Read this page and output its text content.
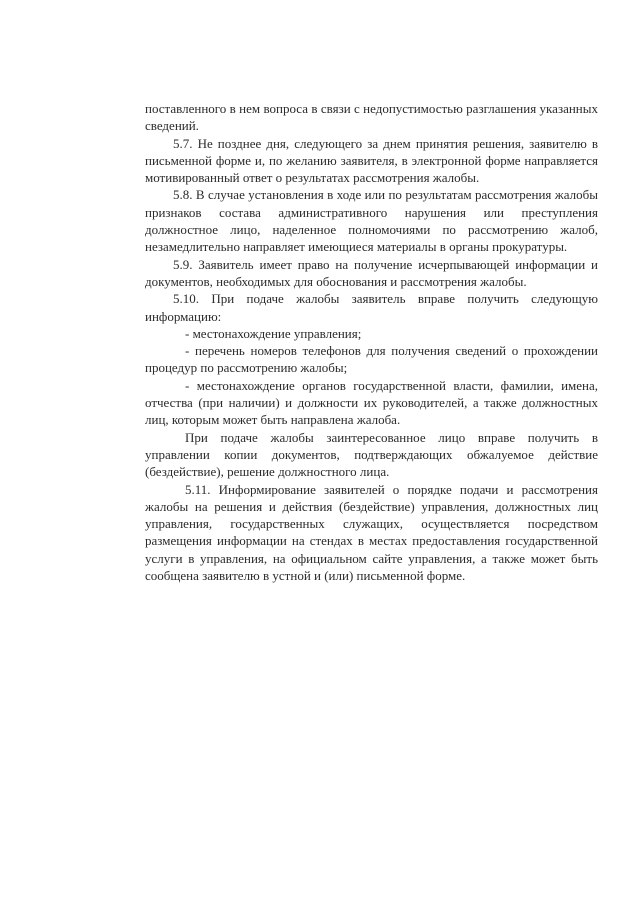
поставленного в нем вопроса в связи с недопустимостью разглашения указанных сведений.

5.7. Не позднее дня, следующего за днем принятия решения, заявителю в письменной форме и, по желанию заявителя, в электронной форме направляется мотивированный ответ о результатах рассмотрения жалобы.

5.8. В случае установления в ходе или по результатам рассмотрения жалобы признаков состава административного нарушения или преступления должностное лицо, наделенное полномочиями по рассмотрению жалоб, незамедлительно направляет имеющиеся материалы в органы прокуратуры.

5.9. Заявитель имеет право на получение исчерпывающей информации и документов, необходимых для обоснования и рассмотрения жалобы.

5.10. При подаче жалобы заявитель вправе получить следующую информацию:

- местонахождение управления;

- перечень номеров телефонов для получения сведений о прохождении процедур по рассмотрению жалобы;

- местонахождение органов государственной власти, фамилии, имена, отчества (при наличии) и должности их руководителей, а также должностных лиц, которым может быть направлена жалоба.

При подаче жалобы заинтересованное лицо вправе получить в управлении копии документов, подтверждающих обжалуемое действие (бездействие), решение должностного лица.

5.11. Информирование заявителей о порядке подачи и рассмотрения жалобы на решения и действия (бездействие) управления, должностных лиц управления, государственных служащих, осуществляется посредством размещения информации на стендах в местах предоставления государственной услуги в управления, на официальном сайте управления, а также может быть сообщена заявителю в устной и (или) письменной форме.
